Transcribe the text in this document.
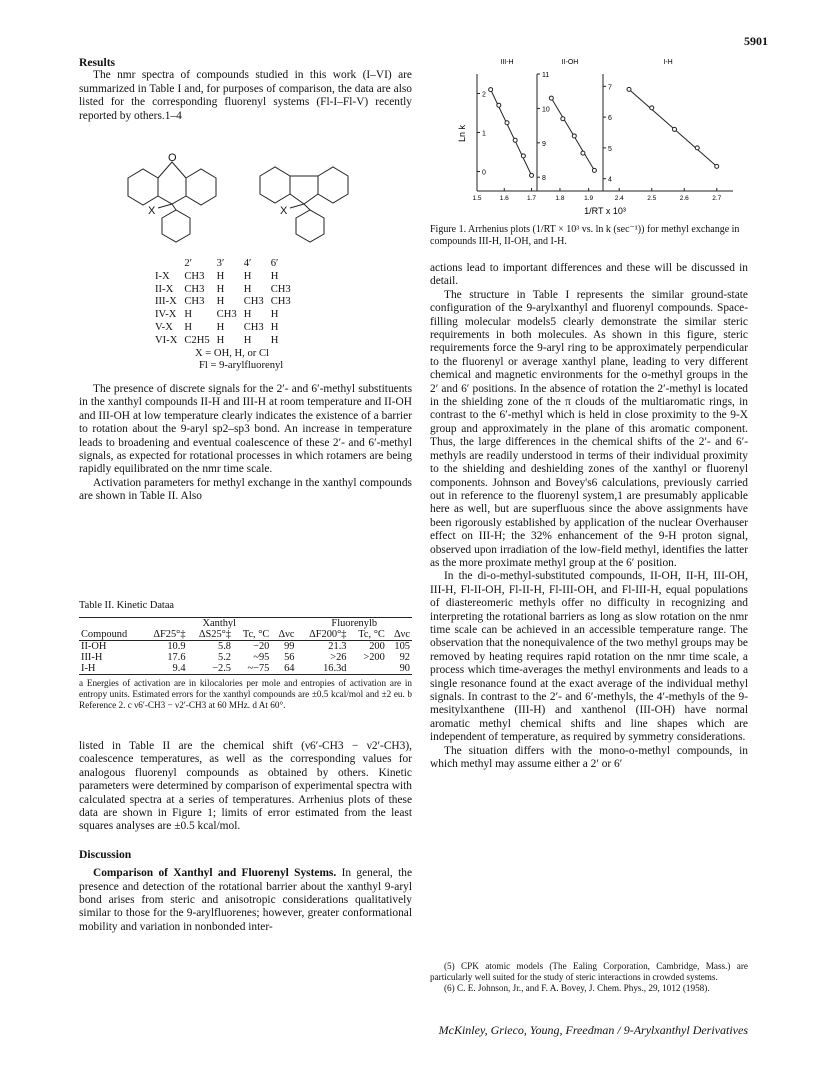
5901
Results

The nmr spectra of compounds studied in this work (I–VI) are summarized in Table I and, for purposes of comparison, the data are also listed for the corresponding fluorenyl systems (Fl-I–Fl-V) recently reported by others.1–4

O
X	X
	2′	3′	4′	6′
I-X	CH3	H	H	H
II-X	CH3	H	H	CH3
III-X	CH3	H	CH3	CH3
IV-X	H	CH3	H	H
V-X	H	H	CH3	H
VI-X	C2H5	H	H	H
X = OH, H, or Cl
Fl = 9-arylfluorenyl

The presence of discrete signals for the 2′- and 6′-methyl substituents in the xanthyl compounds II-H and III-H at room temperature and II-OH and III-OH at low temperature clearly indicates the existence of a barrier to rotation about the 9-aryl sp2–sp3 bond. An increase in temperature leads to broadening and eventual coalescence of these 2′- and 6′-methyl signals, as expected for rotational processes in which rotamers are being rapidly equilibrated on the nmr time scale.

Activation parameters for methyl exchange in the xanthyl compounds are shown in Table II. Also

Table II. Kinetic Dataa
	Xanthyl				Fluorenylb		
Compound	ΔF25°‡	ΔS25°‡	Tc, °C	Δνc	ΔF200°‡	Tc, °C	Δνc
II-OH	10.9	5.8	−20	99	21.3	200	105
III-H	17.6	5.2	~95	56	>26	>200	92
I-H	9.4	−2.5	~−75	64	16.3d		90
a Energies of activation are in kilocalories per mole and entropies of activation are in entropy units. Estimated errors for the xanthyl compounds are ±0.5 kcal/mol and ±2 eu. b Reference 2. c ν6′-CH3 − ν2′-CH3 at 60 MHz. d At 60°.

listed in Table II are the chemical shift (ν6′-CH3 − ν2′-CH3), coalescence temperatures, as well as the corresponding values for analogous fluorenyl compounds as obtained by others. Kinetic parameters were determined by comparison of experimental spectra with calculated spectra at a series of temperatures. Arrhenius plots of these data are shown in Figure 1; limits of error estimated from the least squares analyses are ±0.5 kcal/mol.

Discussion

Comparison of Xanthyl and Fluorenyl Systems. In general, the presence and detection of the rotational barrier about the xanthyl 9-aryl bond arises from steric and anisotropic considerations qualitatively similar to those for the 9-arylfluorenes; however, greater conformational mobility and variation in nonbonded inter-

III-H
0
1
2
II-OH
8
9
10
11
I-H
4
5
6
7
1.5	1.6	1.7	1.8	1.9	2.4	2.5	2.6	2.7
Ln k
1/RT x 10³
Figure 1. Arrhenius plots (1/RT × 10³ vs. ln k (sec⁻¹)) for methyl exchange in compounds III-H, II-OH, and I-H.

actions lead to important differences and these will be discussed in detail.

The structure in Table I represents the similar ground-state configuration of the 9-arylxanthyl and fluorenyl compounds. Space-filling molecular models5 clearly demonstrate the similar steric requirements in both molecules. As shown in this figure, steric requirements force the 9-aryl ring to be approximately perpendicular to the fluorenyl or average xanthyl plane, leading to very different chemical and magnetic environments for the o-methyl groups in the 2′ and 6′ positions. In the absence of rotation the 2′-methyl is located in the shielding zone of the π clouds of the multiaromatic rings, in contrast to the 6′-methyl which is held in close proximity to the 9-X group and approximately in the plane of this aromatic component. Thus, the large differences in the chemical shifts of the 2′- and 6′-methyls are readily understood in terms of their individual proximity to the shielding and deshielding zones of the xanthyl or fluorenyl components. Johnson and Bovey's6 calculations, previously carried out in reference to the fluorenyl system,1 are presumably applicable here as well, but are superfluous since the above assignments have been rigorously established by application of the nuclear Overhauser effect on III-H; the 32% enhancement of the 9-H proton signal, observed upon irradiation of the low-field methyl, identifies the latter as the more proximate methyl group at the 6′ position.

In the di-o-methyl-substituted compounds, II-OH, II-H, III-OH, III-H, Fl-II-OH, Fl-II-H, Fl-III-OH, and Fl-III-H, equal populations of diastereomeric methyls offer no difficulty in recognizing and interpreting the rotational barriers as long as slow rotation on the nmr time scale can be achieved in an accessible temperature range. The observation that the nonequivalence of the two methyl groups may be removed by heating requires rapid rotation on the nmr time scale, a process which time-averages the methyl environments and leads to a single resonance found at the exact average of the individual methyl signals. In contrast to the 2′- and 6′-methyls, the 4′-methyls of the 9-mesitylxanthene (III-H) and xanthenol (III-OH) have normal aromatic methyl chemical shifts and line shapes which are independent of temperature, as required by symmetry considerations.

The situation differs with the mono-o-methyl compounds, in which methyl may assume either a 2′ or 6′

(5) CPK atomic models (The Ealing Corporation, Cambridge, Mass.) are particularly well suited for the study of steric interactions in crowded systems.
(6) C. E. Johnson, Jr., and F. A. Bovey, J. Chem. Phys., 29, 1012 (1958).
McKinley, Grieco, Young, Freedman / 9-Arylxanthyl Derivatives
